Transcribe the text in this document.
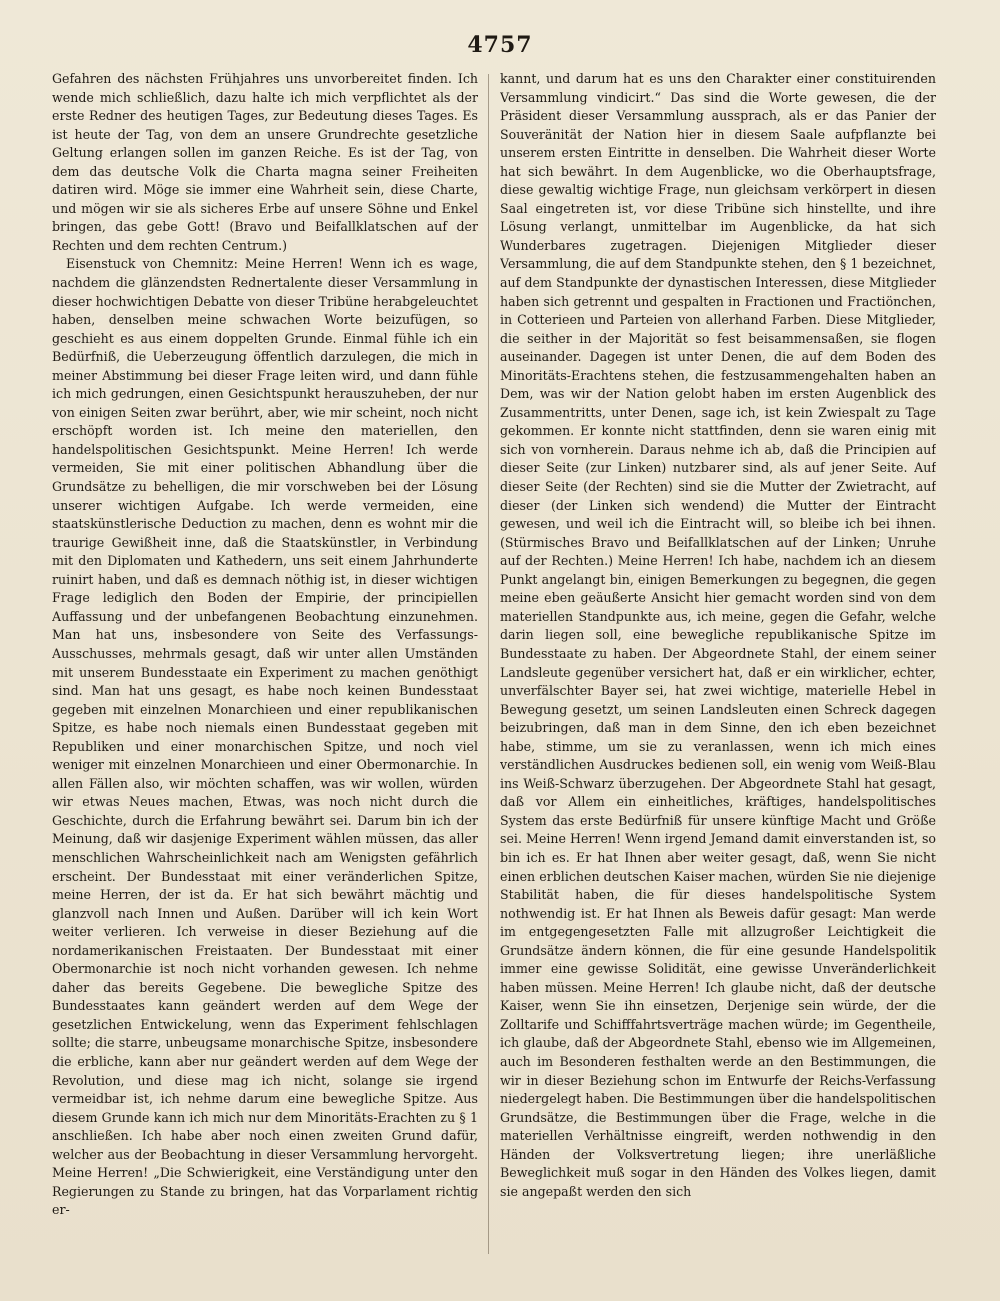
4757

Gefahren des nächsten Frühjahres uns unvorbereitet finden. Ich wende mich schließlich, dazu halte ich mich verpflichtet als der erste Redner des heutigen Tages, zur Bedeutung dieses Tages. Es ist heute der Tag, von dem an unsere Grundrechte gesetzliche Geltung erlangen sollen im ganzen Reiche. Es ist der Tag, von dem das deutsche Volk die Charta magna seiner Freiheiten datiren wird. Möge sie immer eine Wahrheit sein, diese Charte, und mögen wir sie als sicheres Erbe auf unsere Söhne und Enkel bringen, das gebe Gott! (Bravo und Beifallklatschen auf der Rechten und dem rechten Centrum.)

Eisenstuck von Chemnitz: Meine Herren! Wenn ich es wage, nachdem die glänzendsten Rednertalente dieser Versammlung in dieser hochwichtigen Debatte von dieser Tribüne herabgeleuchtet haben, denselben meine schwachen Worte beizufügen, so geschieht es aus einem doppelten Grunde. Einmal fühle ich ein Bedürfniß, die Ueberzeugung öffentlich darzulegen, die mich in meiner Abstimmung bei dieser Frage leiten wird, und dann fühle ich mich gedrungen, einen Gesichtspunkt herauszuheben, der nur von einigen Seiten zwar berührt, aber, wie mir scheint, noch nicht erschöpft worden ist. Ich meine den materiellen, den handelspolitischen Gesichtspunkt. Meine Herren! Ich werde vermeiden, Sie mit einer politischen Abhandlung über die Grundsätze zu behelligen, die mir vorschweben bei der Lösung unserer wichtigen Aufgabe. Ich werde vermeiden, eine staatskünstlerische Deduction zu machen, denn es wohnt mir die traurige Gewißheit inne, daß die Staatskünstler, in Verbindung mit den Diplomaten und Kathedern, uns seit einem Jahrhunderte ruinirt haben, und daß es demnach nöthig ist, in dieser wichtigen Frage lediglich den Boden der Empirie, der principiellen Auffassung und der unbefangenen Beobachtung einzunehmen. Man hat uns, insbesondere von Seite des Verfassungs-Ausschusses, mehrmals gesagt, daß wir unter allen Umständen mit unserem Bundesstaate ein Experiment zu machen genöthigt sind. Man hat uns gesagt, es habe noch keinen Bundesstaat gegeben mit einzelnen Monarchieen und einer republikanischen Spitze, es habe noch niemals einen Bundesstaat gegeben mit Republiken und einer monarchischen Spitze, und noch viel weniger mit einzelnen Monarchieen und einer Obermonarchie. In allen Fällen also, wir möchten schaffen, was wir wollen, würden wir etwas Neues machen, Etwas, was noch nicht durch die Geschichte, durch die Erfahrung bewährt sei. Darum bin ich der Meinung, daß wir dasjenige Experiment wählen müssen, das aller menschlichen Wahrscheinlichkeit nach am Wenigsten gefährlich erscheint. Der Bundesstaat mit einer veränderlichen Spitze, meine Herren, der ist da. Er hat sich bewährt mächtig und glanzvoll nach Innen und Außen. Darüber will ich kein Wort weiter verlieren. Ich verweise in dieser Beziehung auf die nordamerikanischen Freistaaten. Der Bundesstaat mit einer Obermonarchie ist noch nicht vorhanden gewesen. Ich nehme daher das bereits Gegebene. Die bewegliche Spitze des Bundesstaates kann geändert werden auf dem Wege der gesetzlichen Entwickelung, wenn das Experiment fehlschlagen sollte; die starre, unbeugsame monarchische Spitze, insbesondere die erbliche, kann aber nur geändert werden auf dem Wege der Revolution, und diese mag ich nicht, solange sie irgend vermeidbar ist, ich nehme darum eine bewegliche Spitze. Aus diesem Grunde kann ich mich nur dem Minoritäts-Erachten zu § 1 anschließen. Ich habe aber noch einen zweiten Grund dafür, welcher aus der Beobachtung in dieser Versammlung hervorgeht. Meine Herren! „Die Schwierigkeit, eine Verständigung unter den Regierungen zu Stande zu bringen, hat das Vorparlament richtig er-

kannt, und darum hat es uns den Charakter einer constituirenden Versammlung vindicirt.“ Das sind die Worte gewesen, die der Präsident dieser Versammlung aussprach, als er das Panier der Souveränität der Nation hier in diesem Saale aufpflanzte bei unserem ersten Eintritte in denselben. Die Wahrheit dieser Worte hat sich bewährt. In dem Augenblicke, wo die Oberhauptsfrage, diese gewaltig wichtige Frage, nun gleichsam verkörpert in diesen Saal eingetreten ist, vor diese Tribüne sich hinstellte, und ihre Lösung verlangt, unmittelbar im Augenblicke, da hat sich Wunderbares zugetragen. Diejenigen Mitglieder dieser Versammlung, die auf dem Standpunkte stehen, den § 1 bezeichnet, auf dem Standpunkte der dynastischen Interessen, diese Mitglieder haben sich getrennt und gespalten in Fractionen und Fractiönchen, in Cotterieen und Parteien von allerhand Farben. Diese Mitglieder, die seither in der Majorität so fest beisammensaßen, sie flogen auseinander. Dagegen ist unter Denen, die auf dem Boden des Minoritäts-Erachtens stehen, die festzusammengehalten haben an Dem, was wir der Nation gelobt haben im ersten Augenblick des Zusammentritts, unter Denen, sage ich, ist kein Zwiespalt zu Tage gekommen. Er konnte nicht stattfinden, denn sie waren einig mit sich von vornherein. Daraus nehme ich ab, daß die Principien auf dieser Seite (zur Linken) nutzbarer sind, als auf jener Seite. Auf dieser Seite (der Rechten) sind sie die Mutter der Zwietracht, auf dieser (der Linken sich wendend) die Mutter der Eintracht gewesen, und weil ich die Eintracht will, so bleibe ich bei ihnen. (Stürmisches Bravo und Beifallklatschen auf der Linken; Unruhe auf der Rechten.) Meine Herren! Ich habe, nachdem ich an diesem Punkt angelangt bin, einigen Bemerkungen zu begegnen, die gegen meine eben geäußerte Ansicht hier gemacht worden sind von dem materiellen Standpunkte aus, ich meine, gegen die Gefahr, welche darin liegen soll, eine bewegliche republikanische Spitze im Bundesstaate zu haben. Der Abgeordnete Stahl, der einem seiner Landsleute gegenüber versichert hat, daß er ein wirklicher, echter, unverfälschter Bayer sei, hat zwei wichtige, materielle Hebel in Bewegung gesetzt, um seinen Landsleuten einen Schreck dagegen beizubringen, daß man in dem Sinne, den ich eben bezeichnet habe, stimme, um sie zu veranlassen, wenn ich mich eines verständlichen Ausdruckes bedienen soll, ein wenig vom Weiß-Blau ins Weiß-Schwarz überzugehen. Der Abgeordnete Stahl hat gesagt, daß vor Allem ein einheitliches, kräftiges, handelspolitisches System das erste Bedürfniß für unsere künftige Macht und Größe sei. Meine Herren! Wenn irgend Jemand damit einverstanden ist, so bin ich es. Er hat Ihnen aber weiter gesagt, daß, wenn Sie nicht einen erblichen deutschen Kaiser machen, würden Sie nie diejenige Stabilität haben, die für dieses handelspolitische System nothwendig ist. Er hat Ihnen als Beweis dafür gesagt: Man werde im entgegengesetzten Falle mit allzugroßer Leichtigkeit die Grundsätze ändern können, die für eine gesunde Handelspolitik immer eine gewisse Solidität, eine gewisse Unveränderlichkeit haben müssen. Meine Herren! Ich glaube nicht, daß der deutsche Kaiser, wenn Sie ihn einsetzen, Derjenige sein würde, der die Zolltarife und Schifffahrtsverträge machen würde; im Gegentheile, ich glaube, daß der Abgeordnete Stahl, ebenso wie im Allgemeinen, auch im Besonderen festhalten werde an den Bestimmungen, die wir in dieser Beziehung schon im Entwurfe der Reichs-Verfassung niedergelegt haben. Die Bestimmungen über die handelspolitischen Grundsätze, die Bestimmungen über die Frage, welche in die materiellen Verhältnisse eingreift, werden nothwendig in den Händen der Volksvertretung liegen; ihre unerläßliche Beweglichkeit muß sogar in den Händen des Volkes liegen, damit sie angepaßt werden den sich
